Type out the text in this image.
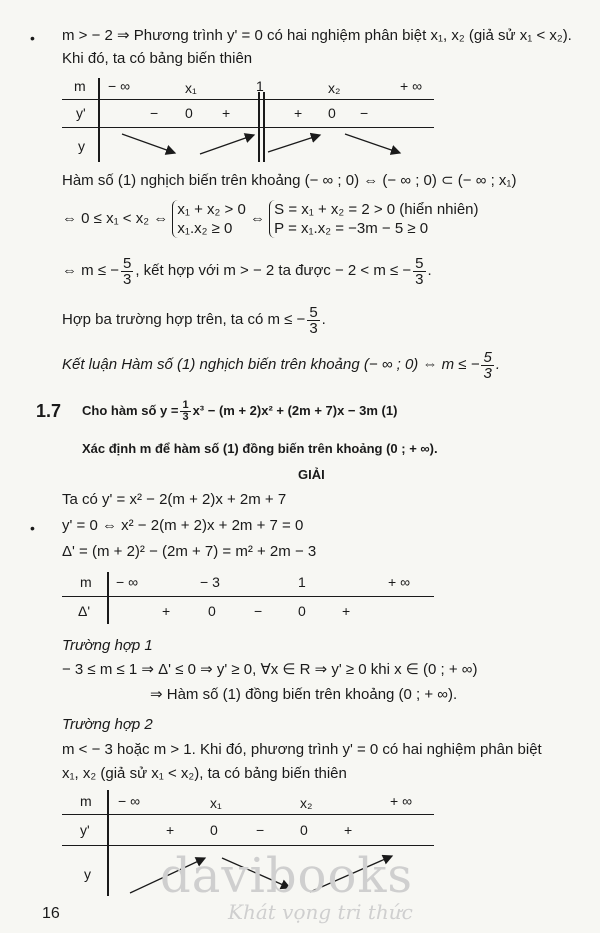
•
•
m > − 2 ⇒ Phương trình y' = 0 có hai nghiệm phân biệt x₁, x₂ (giả sử x₁ < x₂).
Khi đó, ta có bảng biến thiên
m − ∞	x₁	1	x₂	+ ∞
y'	− 0 +	+ 0 −
y
Hàm số (1) nghịch biến trên khoảng (− ∞ ; 0) ⇔ (− ∞ ; 0) ⊂ (− ∞ ; x₁)
⇔ 0 ≤ x₁ < x₂ ⇔ x₁ + x₂ > 0
x₁.x₂ ≥ 0 ⇔ S = x₁ + x₂ = 2 > 0 (hiển nhiên)
P = x₁.x₂ = −3m − 5 ≥ 0
⇔ m ≤ − $\frac{5}{3}$ , kết hợp với m > − 2 ta được − 2 < m ≤ − $\frac{5}{3}$ .
Hợp ba trường hợp trên, ta có m ≤ − $\frac{5}{3}$ .
Kết luận Hàm số (1) nghịch biến trên khoảng (− ∞ ; 0) ⇔ m ≤ − $\frac{5}{3}$ .
1.7 Cho hàm số $y = \frac{1}{3} x^3 - (m + 2)x^2 + (2m + 7)x - 3m$ (1)
Xác định m để hàm số (1) đồng biến trên khoảng (0 ; + ∞).
GIẢI
Ta có y' = x² − 2(m + 2)x + 2m + 7
y' = 0 ⇔ x² − 2(m + 2)x + 2m + 7 = 0
Δ' = (m + 2)² − (2m + 7) = m² + 2m − 3
m − ∞	− 3	1	+ ∞
Δ'	+	0	−	0	+
Trường hợp 1
− 3 ≤ m ≤ 1 ⇒ Δ' ≤ 0 ⇒ y' ≥ 0, ∀x ∈ R ⇒ y' ≥ 0 khi x ∈ (0 ; + ∞)
⇒ Hàm số (1) đồng biến trên khoảng (0 ; + ∞).
Trường hợp 2
m < − 3 hoặc m > 1. Khi đó, phương trình y' = 0 có hai nghiệm phân biệt
x₁, x₂ (giả sử x₁ < x₂), ta có bảng biến thiên
m − ∞	x₁	x₂	+ ∞
y'	+	0	−	0	+
y davibooks
Khát vọng tri thức
16
